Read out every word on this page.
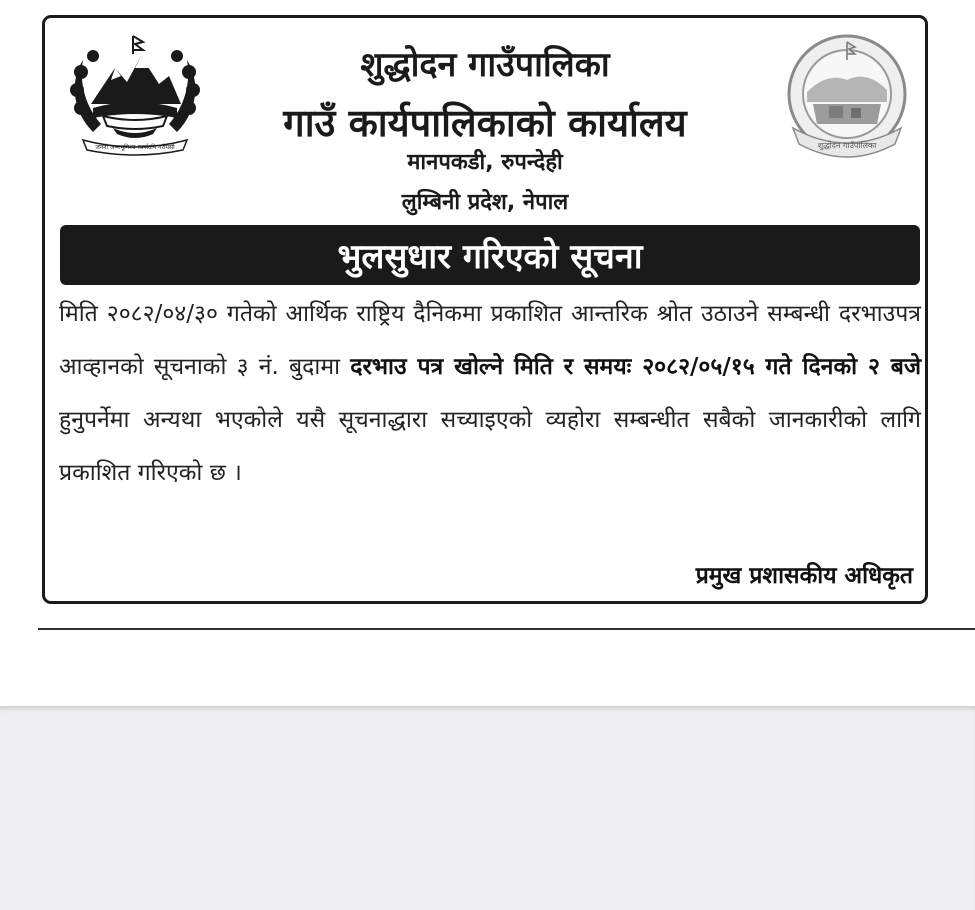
जननी जन्मभूमिश्च स्वर्गादपि गरीयसी	शुद्धोदन गाउँपालिका
शुद्धोदन गाउँपालिका
गाउँ कार्यपालिकाको कार्यालय
मानपकडी, रुपन्देही
लुम्बिनी प्रदेश, नेपाल
भुलसुधार गरिएको सूचना
मिति २०८२/०४/३० गतेको आर्थिक राष्ट्रिय दैनिकमा प्रकाशित आन्तरिक श्रोत उठाउने सम्बन्धी दरभाउपत्र आव्हानको सूचनाको ३ नं. बुदामा दरभाउ पत्र खोल्ने मिति र समयः २०८२/०५/१५ गते दिनको २ बजे हुनुपर्नेमा अन्यथा भएकोले यसै सूचनाद्धारा सच्याइएको व्यहोरा सम्बन्धीत सबैको जानकारीको लागि प्रकाशित गरिएको छ ।
प्रमुख प्रशासकीय अधिकृत
